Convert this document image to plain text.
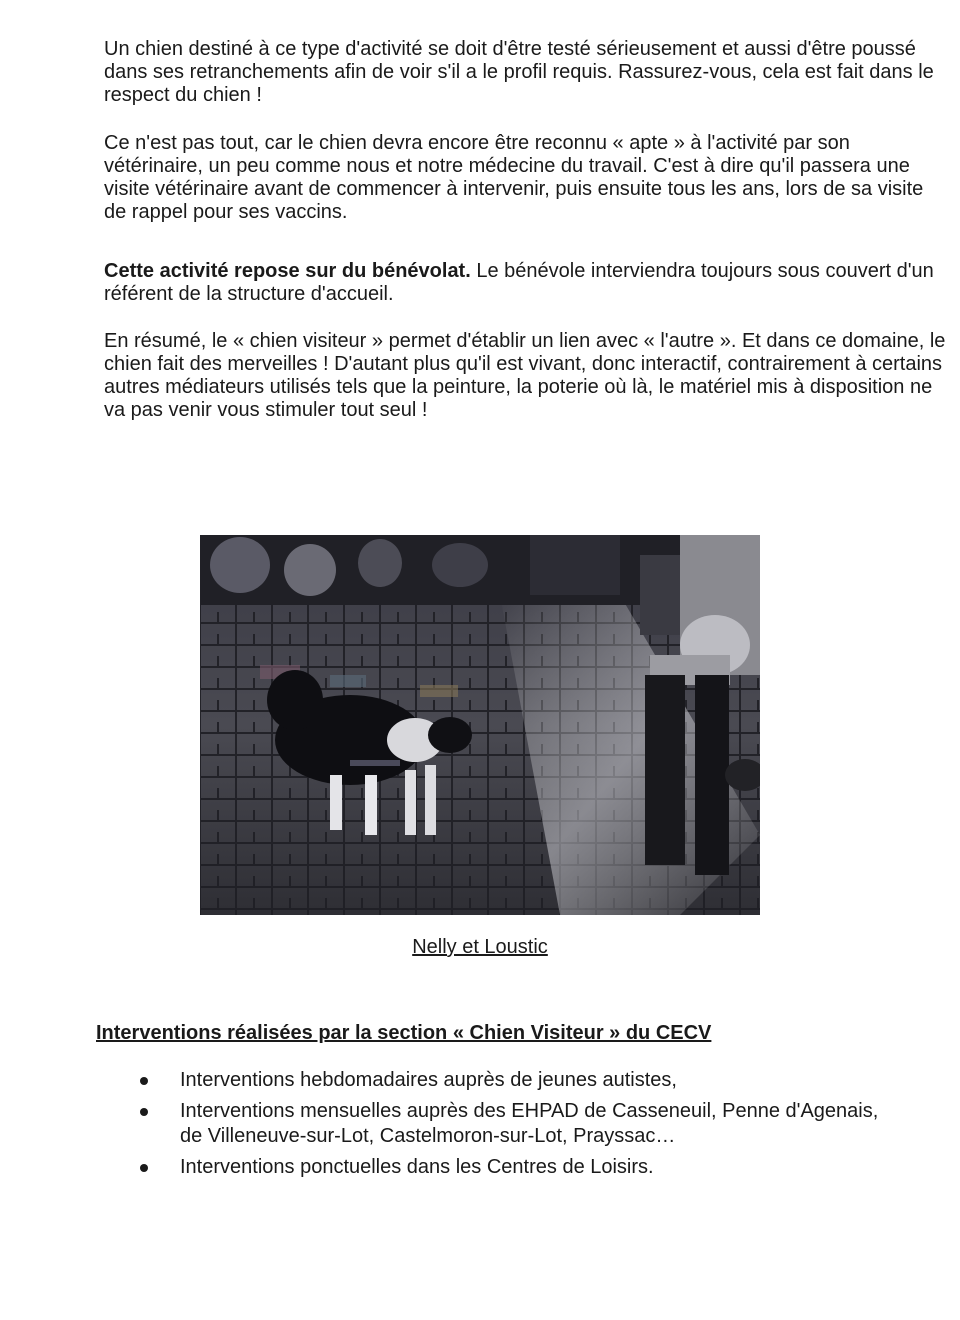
Un chien destiné à ce type d'activité se doit d'être testé sérieusement et aussi d'être poussé dans ses retranchements afin de voir s'il a le profil requis. Rassurez-vous, cela est fait dans le respect du chien !

Ce n'est pas tout, car le chien devra encore être reconnu « apte » à l'activité par son vétérinaire, un peu comme nous et notre médecine du travail. C'est à dire qu'il passera une visite vétérinaire avant de commencer à intervenir, puis ensuite tous les ans, lors de sa visite de rappel pour ses vaccins.

Cette activité repose sur du bénévolat. Le bénévole interviendra toujours sous couvert d'un référent de la structure d'accueil.

En résumé, le « chien visiteur » permet d'établir un lien avec « l'autre ». Et dans ce domaine, le chien fait des merveilles ! D'autant plus qu'il est vivant, donc interactif, contrairement à certains autres médiateurs utilisés tels que la peinture, la poterie où là, le matériel mis à disposition ne va pas venir vous stimuler tout seul !

Nelly et Loustic
Interventions réalisées par la section « Chien Visiteur » du CECV
Interventions hebdomadaires auprès de jeunes autistes,
Interventions mensuelles auprès des EHPAD de Casseneuil, Penne d'Agenais, de Villeneuve-sur-Lot, Castelmoron-sur-Lot, Prayssac…
Interventions ponctuelles dans les Centres de Loisirs.
